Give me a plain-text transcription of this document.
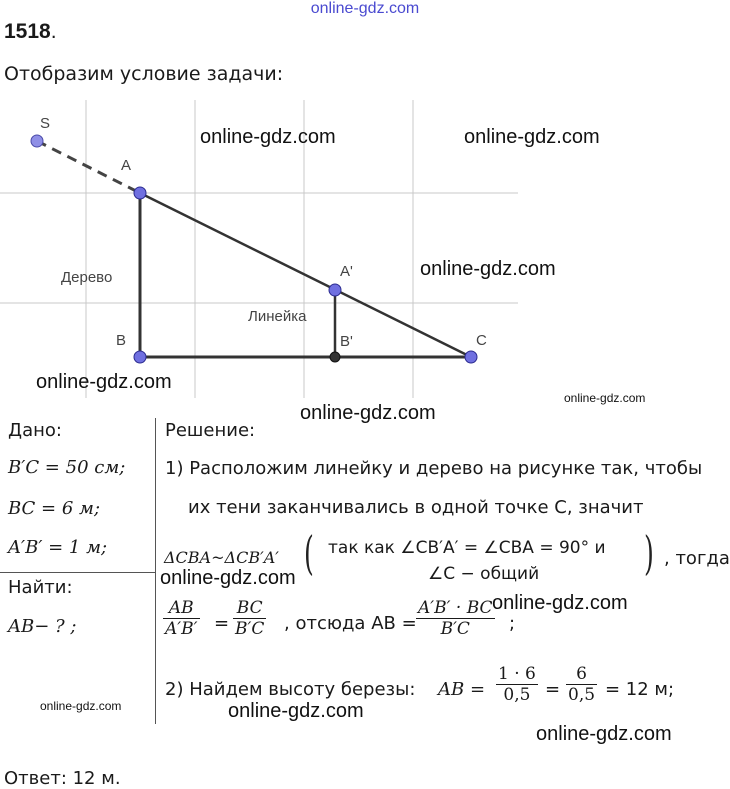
online-gdz.com
1518.
Отобразим условие задачи:
S
A
A'
B	B'	C
Дерево
Линейка
online-gdz.com	online-gdz.com
online-gdz.com
online-gdz.com
online-gdz.com
online-gdz.com
Дано:
B′C = 50 см;
BC = 6 м;
A′B′ = 1 м;
Найти:
AB− ? ;
online-gdz.com
Решение:
1) Расположим линейку и дерево на рисунке так, чтобы
их тени заканчивались в одной точке C, значит
ΔCBA~ΔCB′A′ ( так как ∠CB′A′ = ∠CBA = 90° и
∠C − общий ) , тогда
$\frac{AB}{A'B'} = \frac{BC}{B'C}$ , отсюда AB = $\frac{A'B' \cdot BC}{B'C}$ ;
2) Найдем высоту березы: AB = $\frac{1 \cdot 6}{0,5} = \frac{6}{0,5} = 12$ м;
online-gdz.com
online-gdz.com
online-gdz.com
online-gdz.com
Ответ: 12 м.
